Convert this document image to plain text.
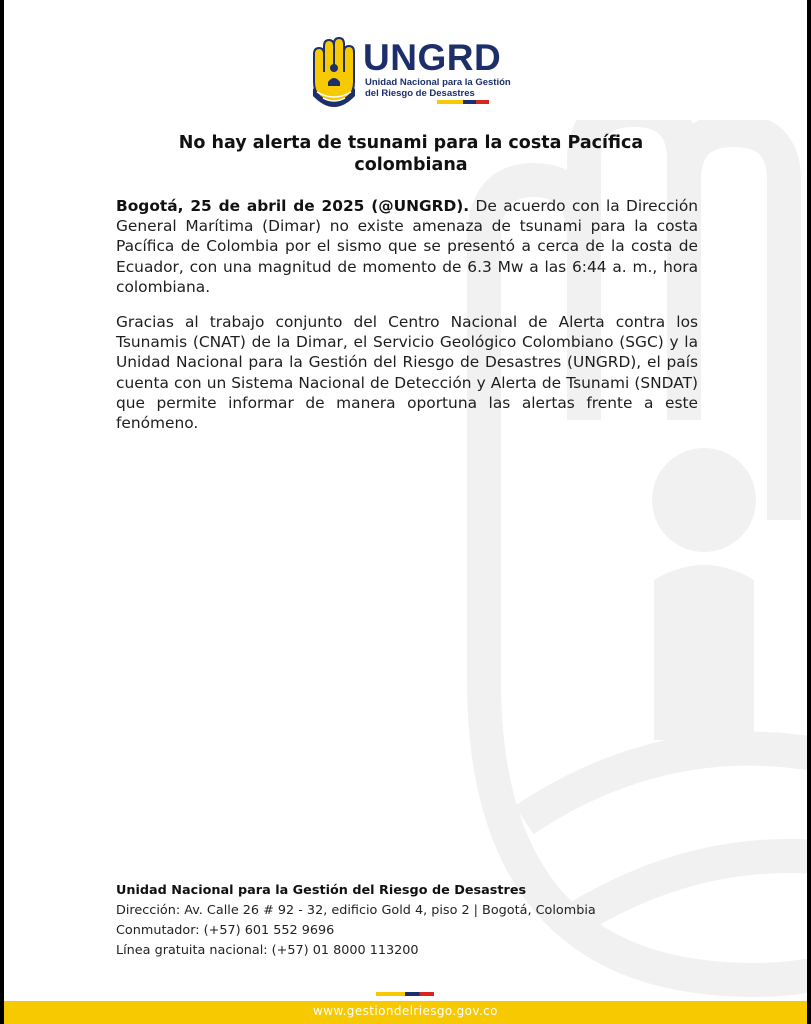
UNGRD
Unidad Nacional para la Gestión
del Riesgo de Desastres
No hay alerta de tsunami para la costa Pacífica
colombiana

Bogotá, 25 de abril de 2025 (@UNGRD). De acuerdo con la Dirección General Marítima (Dimar) no existe amenaza de tsunami para la costa Pacífica de Colombia por el sismo que se presentó a cerca de la costa de Ecuador, con una magnitud de momento de 6.3 Mw a las 6:44 a. m., hora colombiana.

Gracias al trabajo conjunto del Centro Nacional de Alerta contra los Tsunamis (CNAT) de la Dimar, el Servicio Geológico Colombiano (SGC) y la Unidad Nacional para la Gestión del Riesgo de Desastres (UNGRD), el país cuenta con un Sistema Nacional de Detección y Alerta de Tsunami (SNDAT) que permite informar de manera oportuna las alertas frente a este fenómeno.

Unidad Nacional para la Gestión del Riesgo de Desastres
Dirección: Av. Calle 26 # 92 - 32, edificio Gold 4, piso 2 | Bogotá, Colombia
Conmutador: (+57) 601 552 9696
Línea gratuita nacional: (+57) 01 8000 113200
www.gestiondelriesgo.gov.co
